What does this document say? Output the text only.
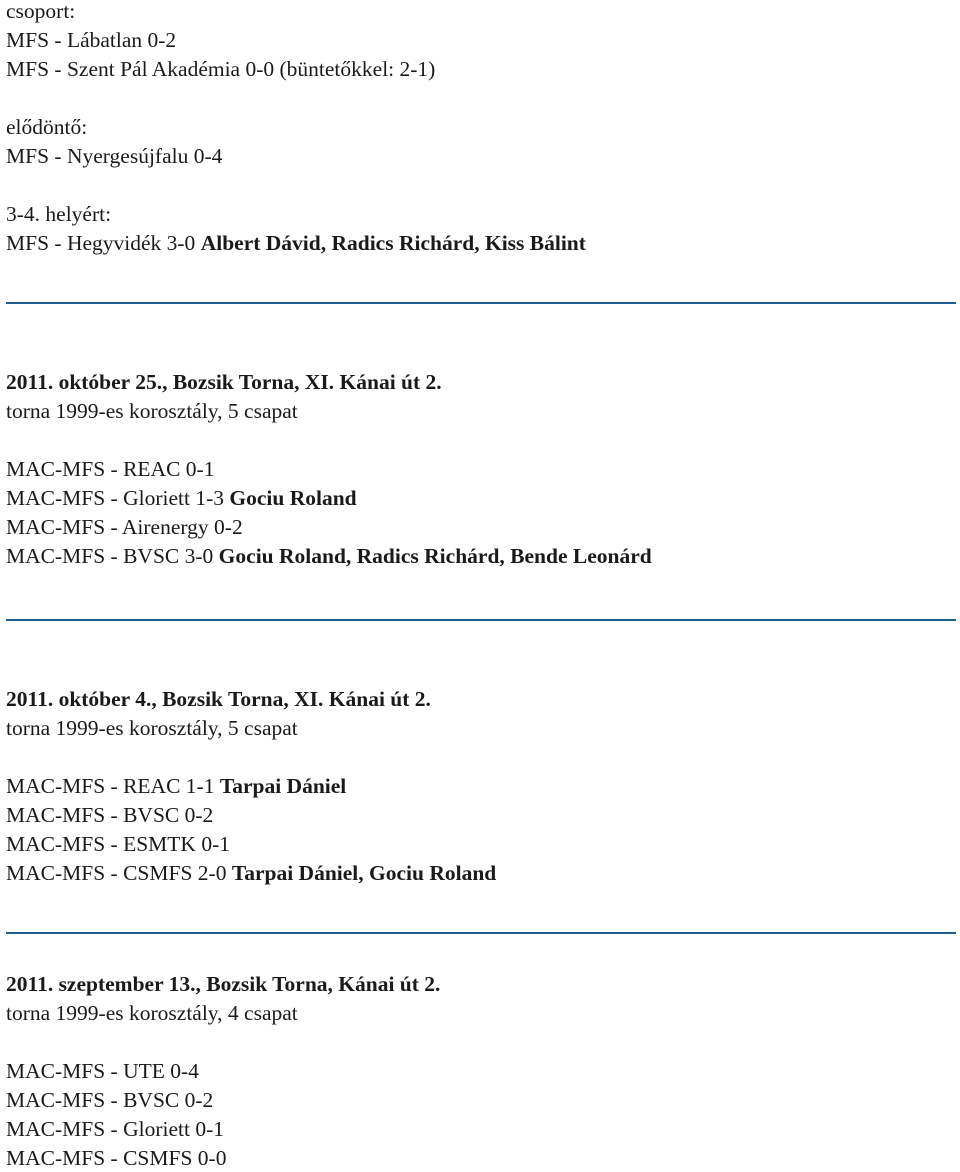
csoport:
MFS - Lábatlan 0-2
MFS - Szent Pál Akadémia 0-0 (büntetőkkel: 2-1)
elődöntő:
MFS - Nyergesújfalu 0-4
3-4. helyért:
MFS - Hegyvidék 3-0 Albert Dávid, Radics Richárd, Kiss Bálint
2011. október 25., Bozsik Torna, XI. Kánai út 2.
torna 1999-es korosztály, 5 csapat
MAC-MFS - REAC 0-1
MAC-MFS - Gloriett 1-3 Gociu Roland
MAC-MFS - Airenergy 0-2
MAC-MFS - BVSC 3-0 Gociu Roland, Radics Richárd, Bende Leonárd
2011. október 4., Bozsik Torna, XI. Kánai út 2.
torna 1999-es korosztály, 5 csapat
MAC-MFS - REAC 1-1 Tarpai Dániel
MAC-MFS - BVSC 0-2
MAC-MFS - ESMTK 0-1
MAC-MFS - CSMFS 2-0 Tarpai Dániel, Gociu Roland
2011. szeptember 13., Bozsik Torna, Kánai út 2.
torna 1999-es korosztály, 4 csapat
MAC-MFS - UTE 0-4
MAC-MFS - BVSC 0-2
MAC-MFS - Gloriett 0-1
MAC-MFS - CSMFS 0-0
